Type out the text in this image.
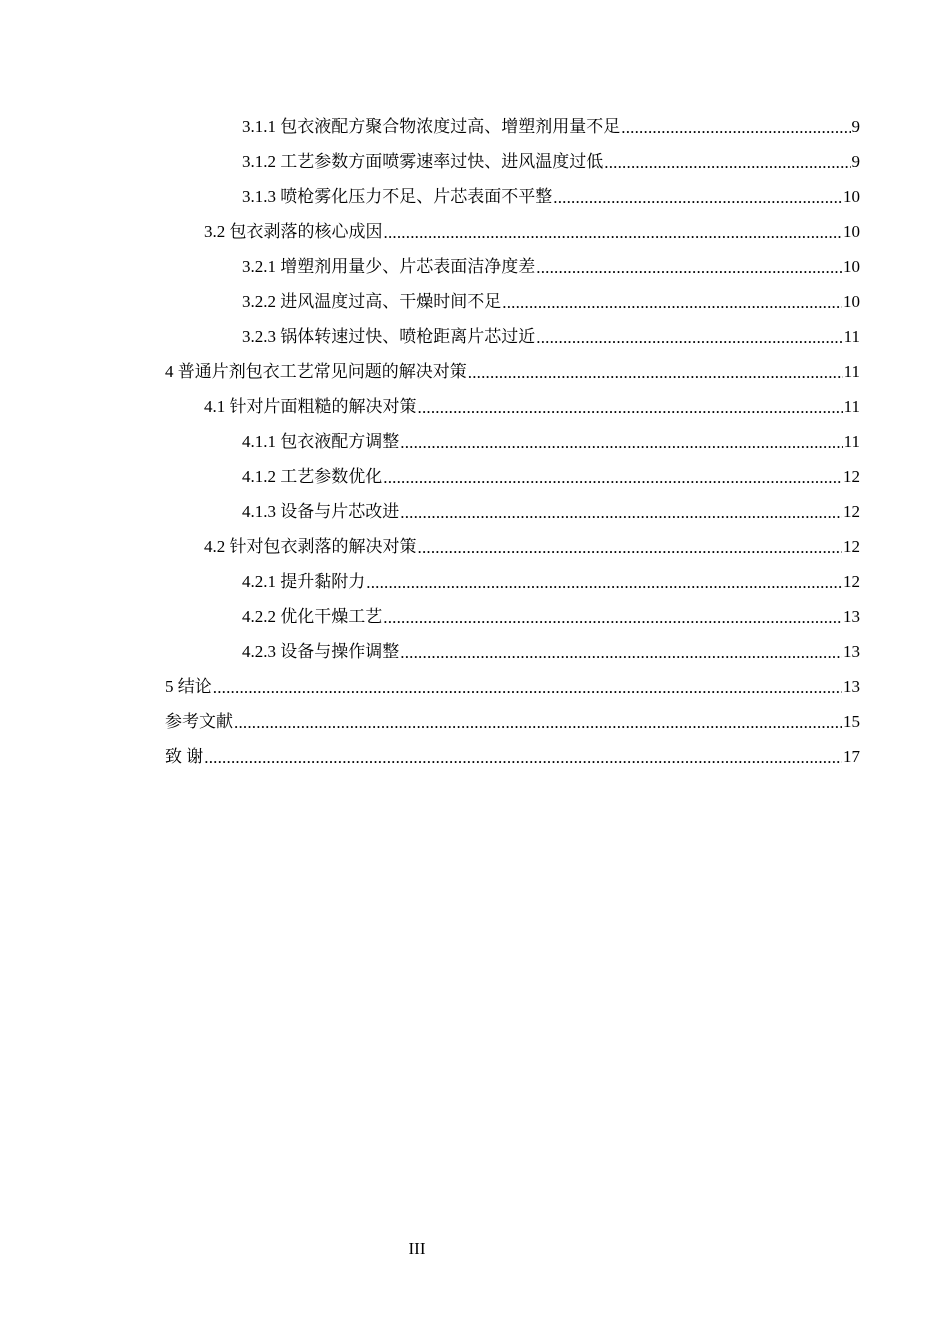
3.1.1 包衣液配方聚合物浓度过高、增塑剂用量不足 .....	9
3.1.2 工艺参数方面喷雾速率过快、进风温度过低 .....	9
3.1.3 喷枪雾化压力不足、片芯表面不平整 .....	10
3.2 包衣剥落的核心成因 .....	10
3.2.1 增塑剂用量少、片芯表面洁净度差 .....	10
3.2.2 进风温度过高、干燥时间不足 .....	10
3.2.3 锅体转速过快、喷枪距离片芯过近 .....	11
4 普通片剂包衣工艺常见问题的解决对策 .....	11
4.1 针对片面粗糙的解决对策 .....	11
4.1.1 包衣液配方调整 .....	11
4.1.2 工艺参数优化 .....	12
4.1.3 设备与片芯改进 .....	12
4.2 针对包衣剥落的解决对策 .....	12
4.2.1 提升黏附力 .....	12
4.2.2 优化干燥工艺 .....	13
4.2.3 设备与操作调整 .....	13
5 结论 .....	13
参考文献 .....	15
致 谢 .....	17
III
